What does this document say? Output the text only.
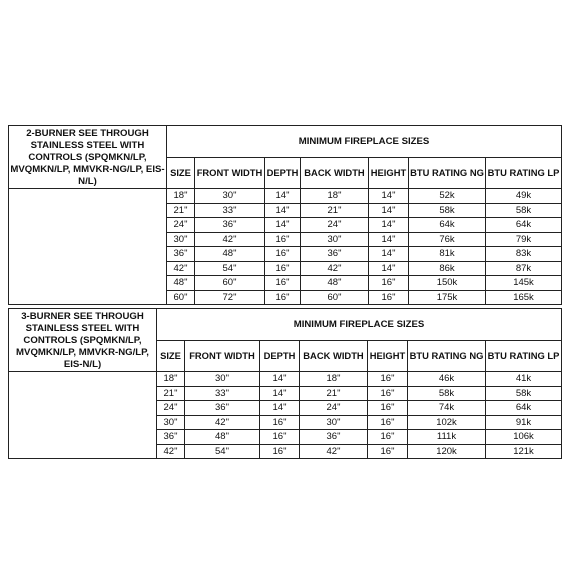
2-BURNER SEE THROUGH STAINLESS STEEL WITH CONTROLS (SPQMKN/LP, MVQMKN/LP, MMVKR-NG/LP, EIS-N/L)	MINIMUM FIREPLACE SIZES						
	SIZE	FRONT WIDTH	DEPTH	BACK WIDTH	HEIGHT	BTU RATING NG	BTU RATING LP
	18"	30"	14"	18"	14"	52k	49k
	21"	33"	14"	21"	14"	58k	58k
	24"	36"	14"	24"	14"	64k	64k
	30"	42"	16"	30"	14"	76k	79k
	36"	48"	16"	36"	14"	81k	83k
	42"	54"	16"	42"	14"	86k	87k
	48"	60"	16"	48"	16"	150k	145k
	60"	72"	16"	60"	16"	175k	165k
3-BURNER SEE THROUGH STAINLESS STEEL WITH CONTROLS (SPQMKN/LP, MVQMKN/LP, MMVKR-NG/LP, EIS-N/L)	MINIMUM FIREPLACE SIZES						
	SIZE	FRONT WIDTH	DEPTH	BACK WIDTH	HEIGHT	BTU RATING NG	BTU RATING LP
	18"	30"	14"	18"	16"	46k	41k
	21"	33"	14"	21"	16"	58k	58k
	24"	36"	14"	24"	16"	74k	64k
	30"	42"	16"	30"	16"	102k	91k
	36"	48"	16"	36"	16"	111k	106k
	42"	54"	16"	42"	16"	120k	121k
